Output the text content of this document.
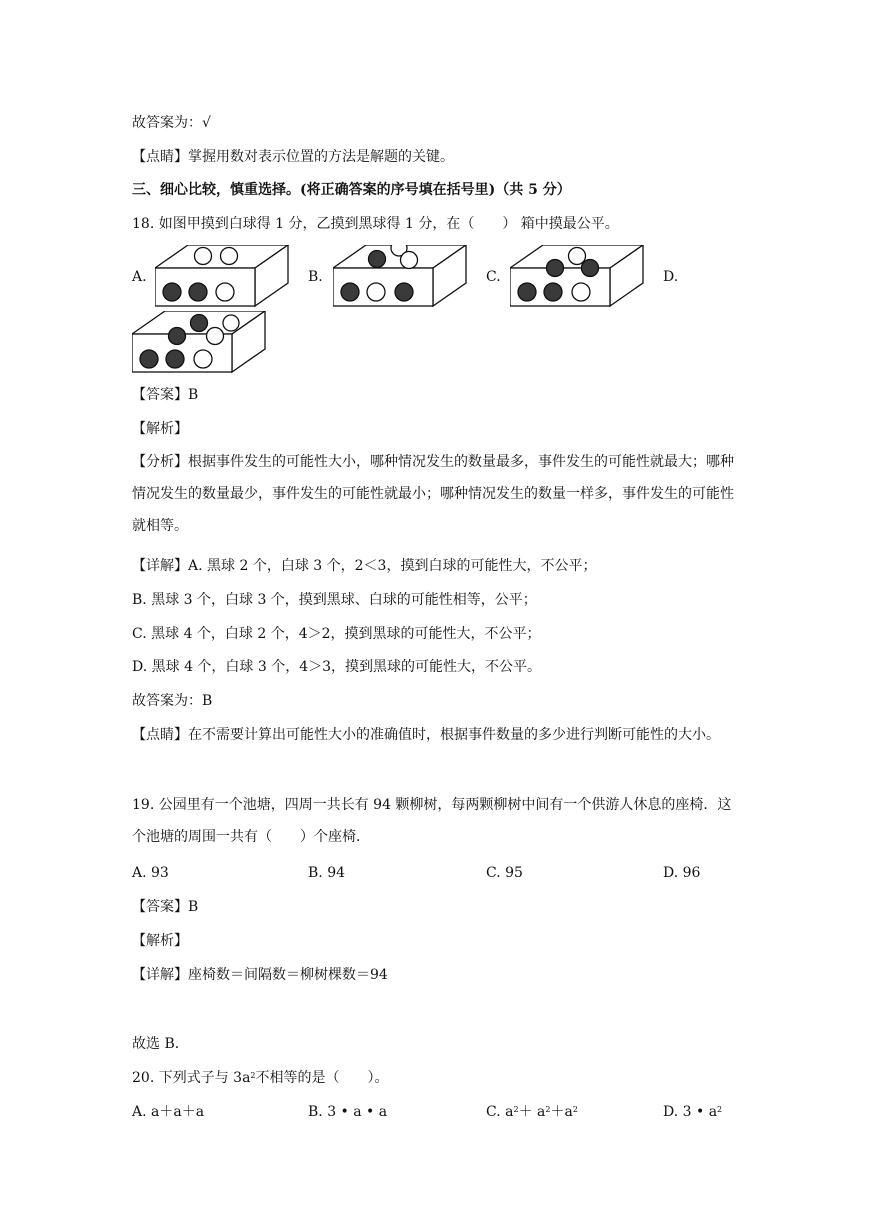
故答案为：√
【点睛】掌握用数对表示位置的方法是解题的关键。
三、细心比较，慎重选择。(将正确答案的序号填在括号里)（共 5 分）
18. 如图甲摸到白球得 1 分，乙摸到黑球得 1 分，在（　　） 箱中摸最公平。
A.	B.	C.	D.
【答案】B
【解析】
【分析】根据事件发生的可能性大小，哪种情况发生的数量最多，事件发生的可能性就最大；哪种情况发生的数量最少，事件发生的可能性就最小；哪种情况发生的数量一样多，事件发生的可能性就相等。
【详解】A. 黑球 2 个，白球 3 个，2＜3，摸到白球的可能性大，不公平；
B. 黑球 3 个，白球 3 个，摸到黑球、白球的可能性相等，公平；
C. 黑球 4 个，白球 2 个，4＞2，摸到黑球的可能性大，不公平；
D. 黑球 4 个，白球 3 个，4＞3，摸到黑球的可能性大，不公平。
故答案为：B
【点睛】在不需要计算出可能性大小的准确值时，根据事件数量的多少进行判断可能性的大小。
19. 公园里有一个池塘，四周一共长有 94 颗柳树，每两颗柳树中间有一个供游人休息的座椅．这个池塘的周围一共有（　　）个座椅．
A. 93	B. 94	C. 95	D. 96
【答案】B
【解析】
【详解】座椅数＝间隔数＝柳树棵数＝94
故选 B．
20. 下列式子与 $3a^2$不相等的是（　　）。
A. a＋a＋a	B. 3 • a • a	C. $a^2+ a^2+a^2$	D. 3 • $a^2$
